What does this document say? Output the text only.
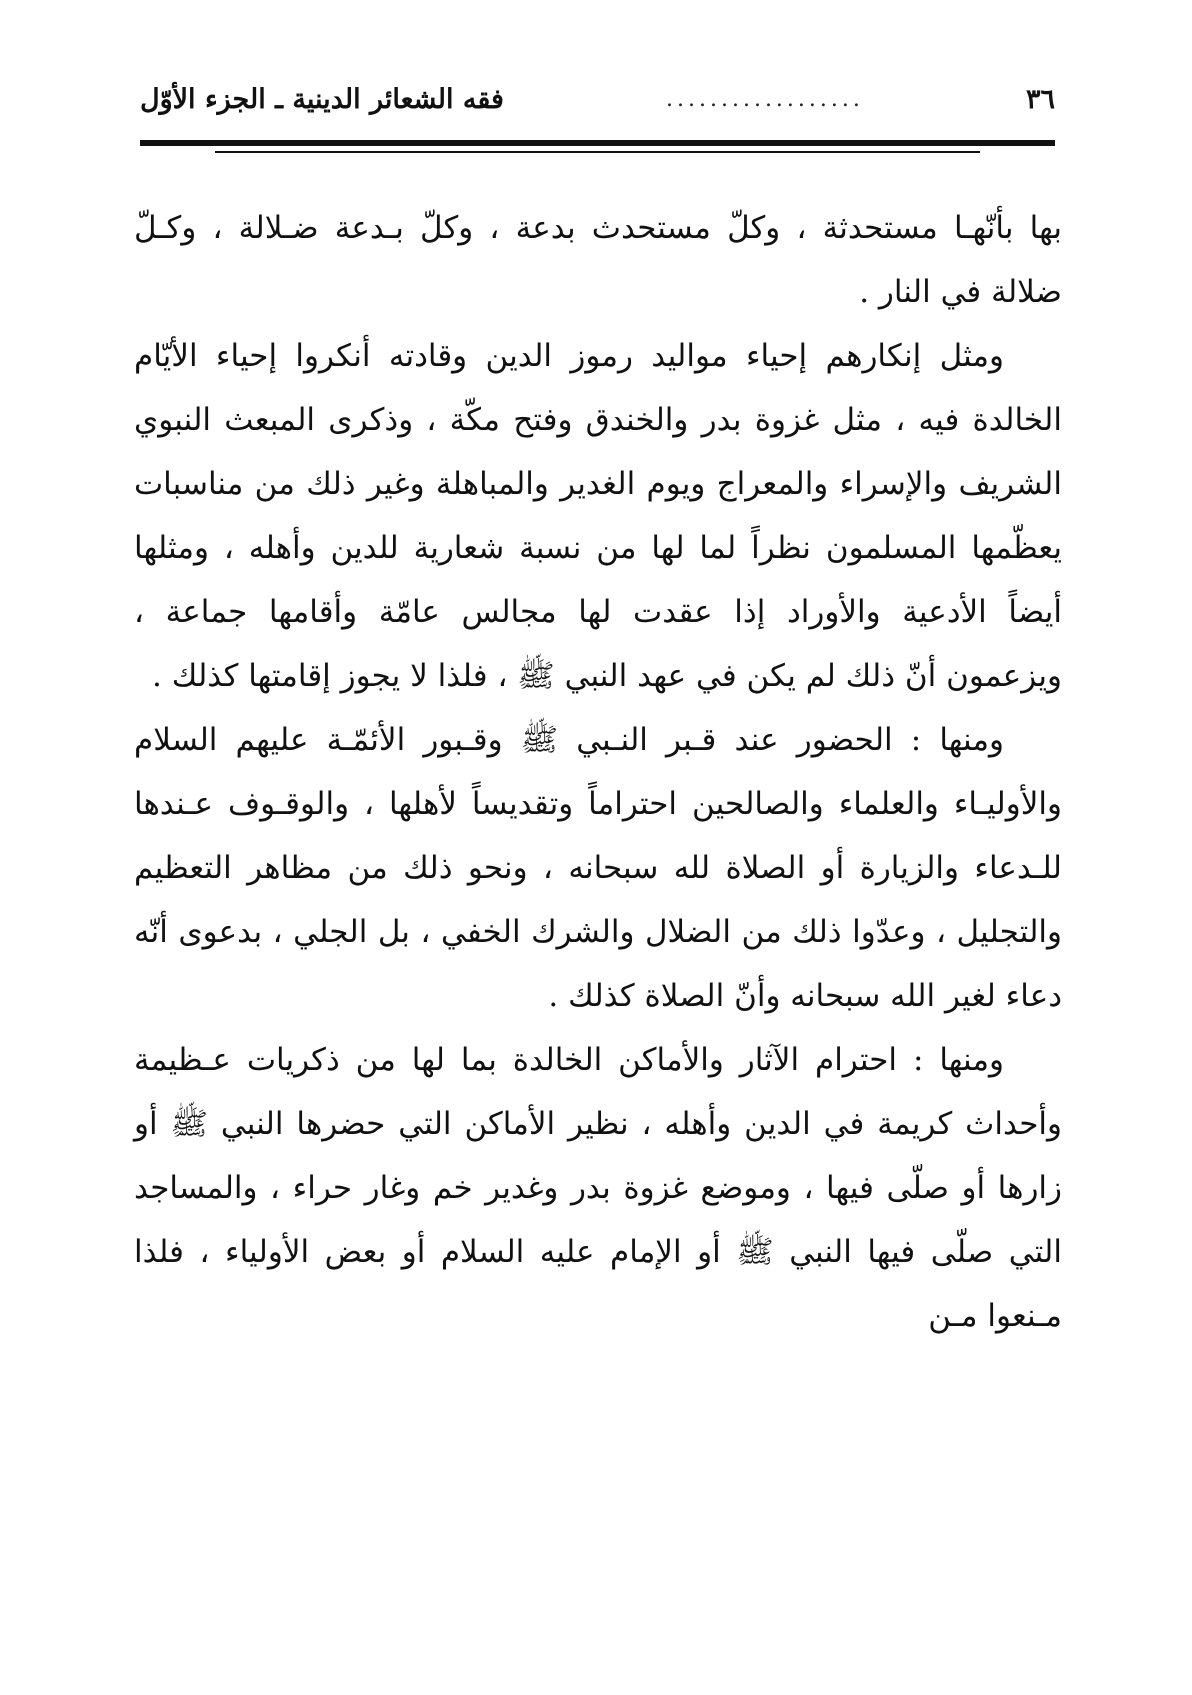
٣٦
..................
فقه الشعائر الدينية ـ الجزء الأوّل

بها بأنّهـا مستحدثة ، وكلّ مستحدث بدعة ، وكلّ بـدعة ضـلالة ، وكـلّ ضلالة في النار .

ومثل إنكارهم إحياء مواليد رموز الدين وقادته أنكروا إحياء الأيّام الخالدة فيه ، مثل غزوة بدر والخندق وفتح مكّة ، وذكرى المبعث النبوي الشريف والإسراء والمعراج ويوم الغدير والمباهلة وغير ذلك من مناسبات يعظّمها المسلمون نظراً لما لها من نسبة شعارية للدين وأهله ، ومثلها أيضاً الأدعية والأوراد إذا عقدت لها مجالس عامّة وأقامها جماعة ، ويزعمون أنّ ذلك لم يكن في عهد النبي ﷺ ، فلذا لا يجوز إقامتها كذلك .

ومنها : الحضور عند قـبر النـبي ﷺ وقـبور الأئمّـة عليهم السلام والأوليـاء والعلماء والصالحين احتراماً وتقديساً لأهلها ، والوقـوف عـندها للـدعاء والزيارة أو الصلاة لله سبحانه ، ونحو ذلك من مظاهر التعظيم والتجليل ، وعدّوا ذلك من الضلال والشرك الخفي ، بل الجلي ، بدعوى أنّه دعاء لغير الله سبحانه وأنّ الصلاة كذلك .

ومنها : احترام الآثار والأماكن الخالدة بما لها من ذكريات عـظيمة وأحداث كريمة في الدين وأهله ، نظير الأماكن التي حضرها النبي ﷺ أو زارها أو صلّى فيها ، وموضع غزوة بدر وغدير خم وغار حراء ، والمساجد التي صلّى فيها النبي ﷺ أو الإمام عليه السلام أو بعض الأولياء ، فلذا مـنعوا مـن
